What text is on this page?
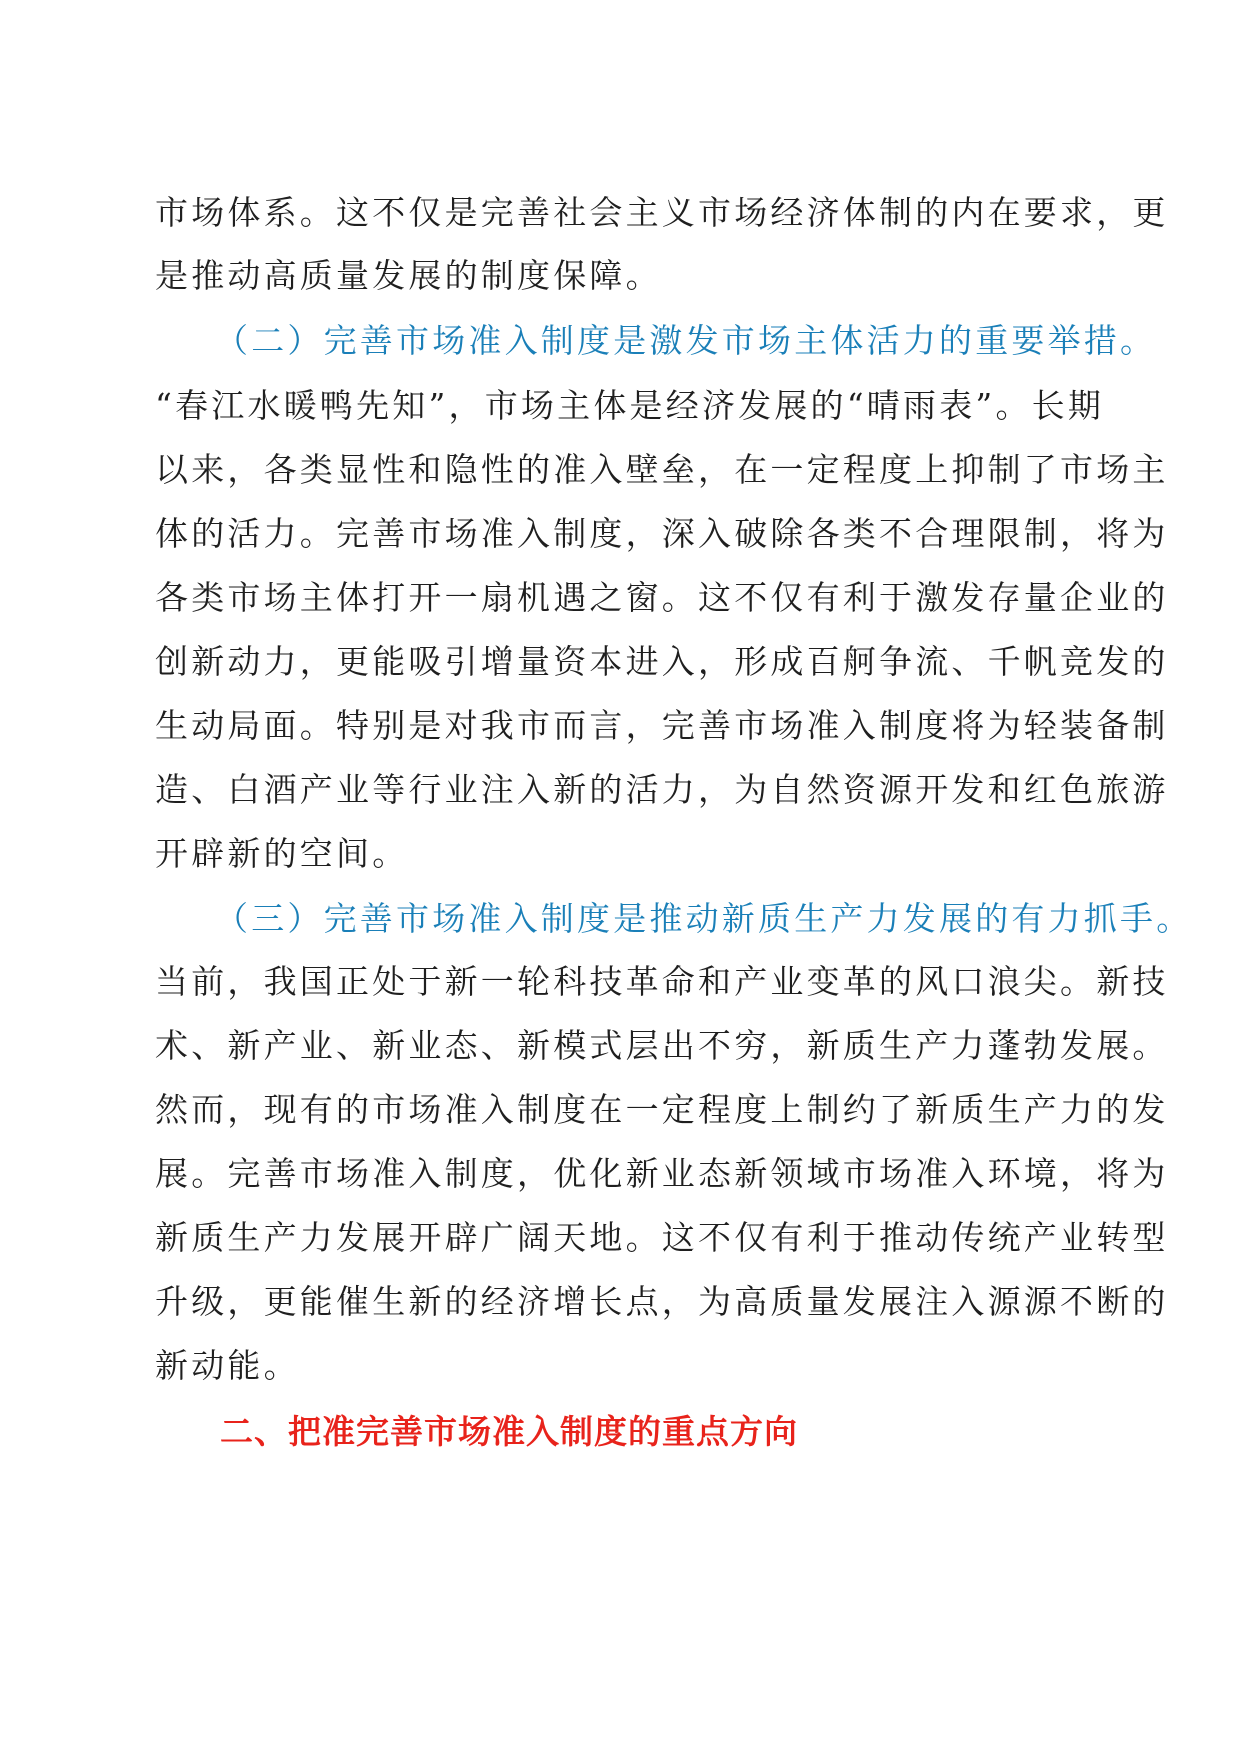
市场体系。这不仅是完善社会主义市场经济体制的内在要求，更
是推动高质量发展的制度保障。
（二）完善市场准入制度是激发市场主体活力的重要举措。
“春江水暖鸭先知”，市场主体是经济发展的“晴雨表”。长期
以来，各类显性和隐性的准入壁垒，在一定程度上抑制了市场主
体的活力。完善市场准入制度，深入破除各类不合理限制，将为
各类市场主体打开一扇机遇之窗。这不仅有利于激发存量企业的
创新动力，更能吸引增量资本进入，形成百舸争流、千帆竞发的
生动局面。特别是对我市而言，完善市场准入制度将为轻装备制
造、白酒产业等行业注入新的活力，为自然资源开发和红色旅游
开辟新的空间。
（三）完善市场准入制度是推动新质生产力发展的有力抓手。
当前，我国正处于新一轮科技革命和产业变革的风口浪尖。新技
术、新产业、新业态、新模式层出不穷，新质生产力蓬勃发展。
然而，现有的市场准入制度在一定程度上制约了新质生产力的发
展。完善市场准入制度，优化新业态新领域市场准入环境，将为
新质生产力发展开辟广阔天地。这不仅有利于推动传统产业转型
升级，更能催生新的经济增长点，为高质量发展注入源源不断的
新动能。
二、把准完善市场准入制度的重点方向
